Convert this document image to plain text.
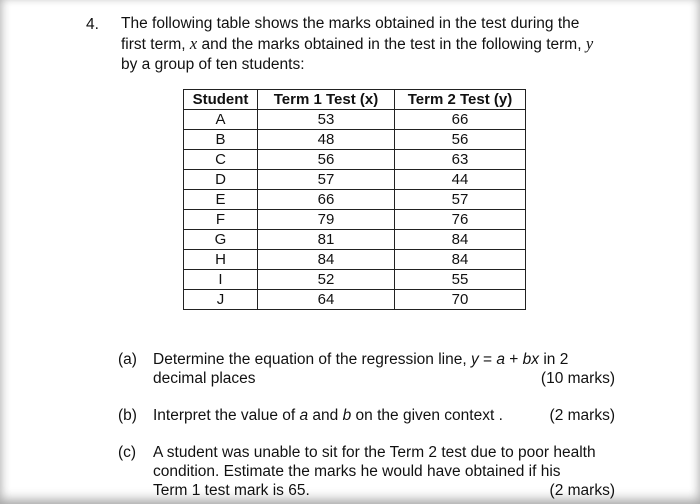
4. The following table shows the marks obtained in the test during the
first term, x and the marks obtained in the test in the following term, y
by a group of ten students:
Student	Term 1 Test (x)	Term 2 Test (y)
A	53	66
B	48	56
C	56	63
D	57	44
E	66	57
F	79	76
G	81	84
H	84	84
I	52	55
J	64	70
(a) Determine the equation of the regression line, y = a + bx in 2
decimal places	(10 marks)
(b) Interpret the value of a and b on the given context .	(2 marks)
(c) A student was unable to sit for the Term 2 test due to poor health
condition. Estimate the marks he would have obtained if his
Term 1 test mark is 65.	(2 marks)
